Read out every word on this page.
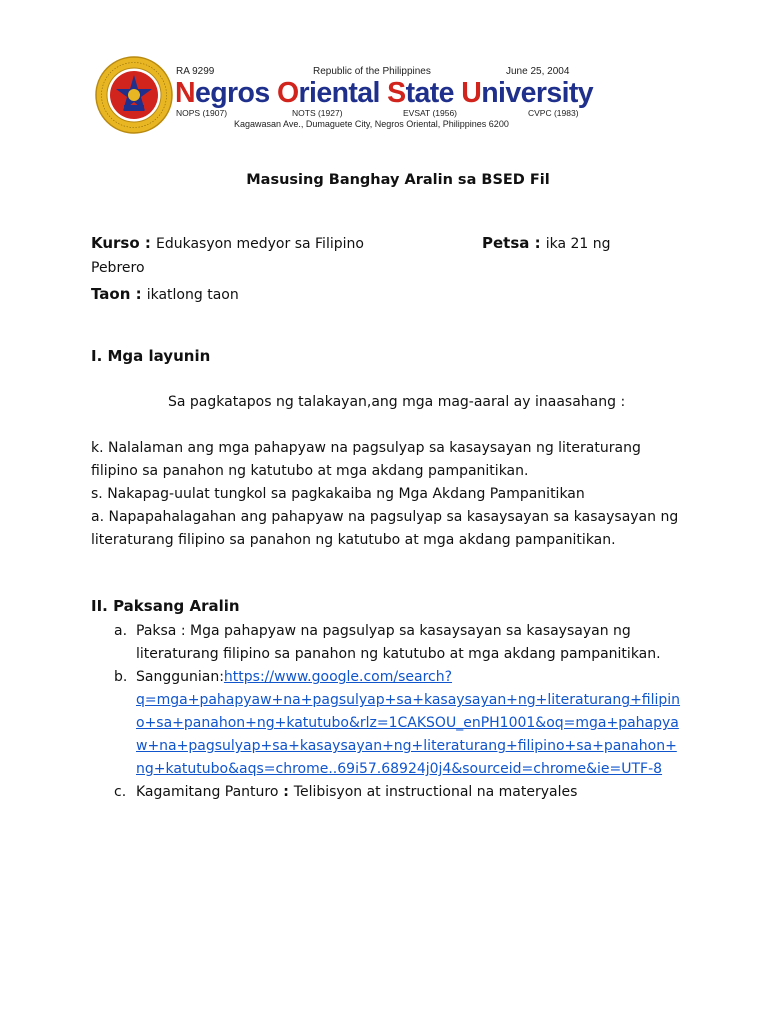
RA 9299	Republic of the Philippines	June 25, 2004
Negros Oriental State University
NOPS (1907)	NOTS (1927)	EVSAT (1956)	CVPC (1983)
Kagawasan Ave., Dumaguete City, Negros Oriental, Philippines 6200
Masusing Banghay Aralin sa BSED Fil
Kurso : Edukasyon medyor sa Filipino	Petsa : ika 21 ng
Pebrero
Taon : ikatlong taon
I. Mga layunin
Sa pagkatapos ng talakayan,ang mga mag-aaral ay inaasahang :
k. Nalalaman ang mga pahapyaw na pagsulyap sa kasaysayan ng literaturang
filipino sa panahon ng katutubo at mga akdang pampanitikan.
s. Nakapag-uulat tungkol sa pagkakaiba ng Mga Akdang Pampanitikan
a. Napapahalagahan ang pahapyaw na pagsulyap sa kasaysayan sa kasaysayan ng
literaturang filipino sa panahon ng katutubo at mga akdang pampanitikan.
II. Paksang Aralin
a. Paksa : Mga pahapyaw na pagsulyap sa kasaysayan sa kasaysayan ng
literaturang filipino sa panahon ng katutubo at mga akdang pampanitikan.
b. Sanggunian:https://www.google.com/search?
q=mga+pahapyaw+na+pagsulyap+sa+kasaysayan+ng+literaturang+filipin
o+sa+panahon+ng+katutubo&rlz=1CAKSOU_enPH1001&oq=mga+pahapya
w+na+pagsulyap+sa+kasaysayan+ng+literaturang+filipino+sa+panahon+
ng+katutubo&aqs=chrome..69i57.68924j0j4&sourceid=chrome&ie=UTF-8
c. Kagamitang Panturo : Telibisyon at instructional na materyales
